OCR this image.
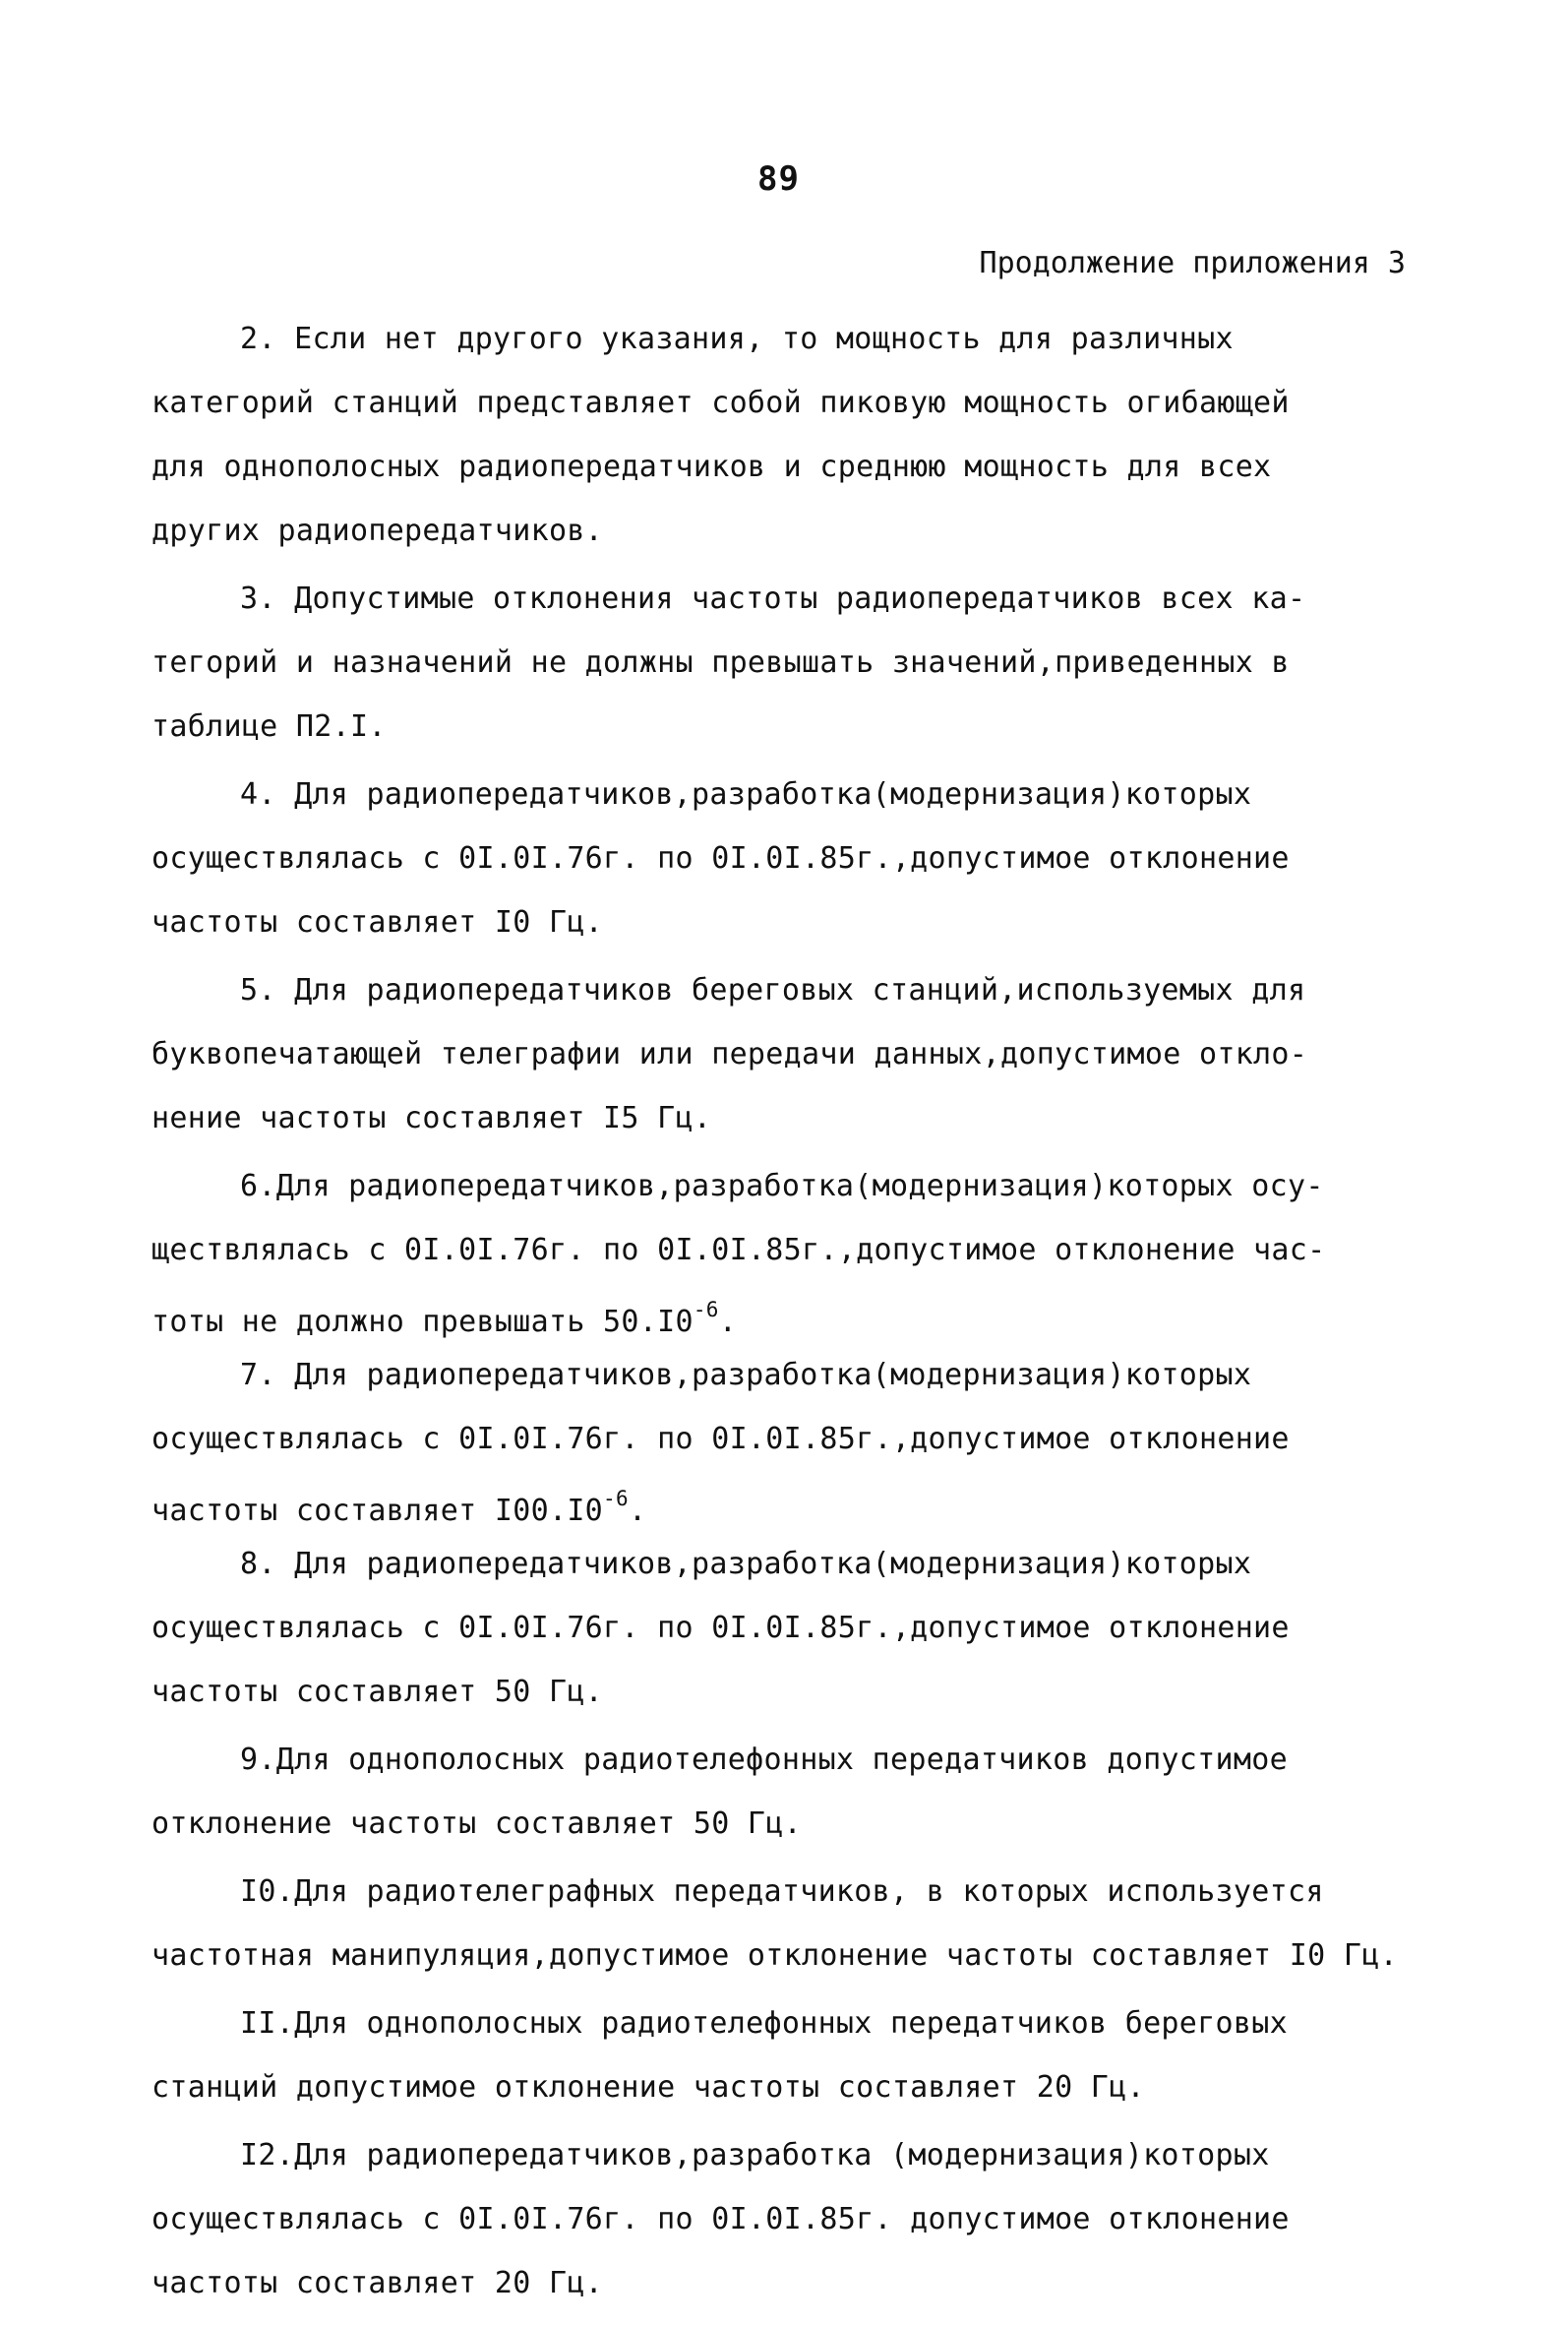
89
Продолжение приложения 3
2. Если нет другого указания, то мощность для различных
категорий станций представляет собой пиковую мощность огибающей
для однополосных радиопередатчиков и среднюю мощность для всех
других радиопередатчиков.
3. Допустимые отклонения частоты радиопередатчиков всех ка-
тегорий и назначений не должны превышать значений,приведенных в
таблице П2.I.
4. Для радиопередатчиков,разработка(модернизация)которых
осуществлялась с 0I.0I.76г. по 0I.0I.85г.,допустимое отклонение
частоты составляет I0 Гц.
5. Для радиопередатчиков береговых станций,используемых для
буквопечатающей телеграфии или передачи данных,допустимое откло-
нение частоты составляет I5 Гц.
6.Для радиопередатчиков,разработка(модернизация)которых осу-
ществлялась с 0I.0I.76г. по 0I.0I.85г.,допустимое отклонение час-
тоты не должно превышать $50.I0^{-6}$.
7. Для радиопередатчиков,разработка(модернизация)которых
осуществлялась с 0I.0I.76г. по 0I.0I.85г.,допустимое отклонение
частоты составляет $I00.I0^{-6}$.
8. Для радиопередатчиков,разработка(модернизация)которых
осуществлялась с 0I.0I.76г. по 0I.0I.85г.,допустимое отклонение
частоты составляет 50 Гц.
9.Для однополосных радиотелефонных передатчиков допустимое
отклонение частоты составляет 50 Гц.
I0.Для радиотелеграфных передатчиков, в которых используется
частотная манипуляция,допустимое отклонение частоты составляет I0 Гц.
II.Для однополосных радиотелефонных передатчиков береговых
станций допустимое отклонение частоты составляет 20 Гц.
I2.Для радиопередатчиков,разработка (модернизация)которых
осуществлялась с 0I.0I.76г. по 0I.0I.85г. допустимое отклонение
частоты составляет 20 Гц.
